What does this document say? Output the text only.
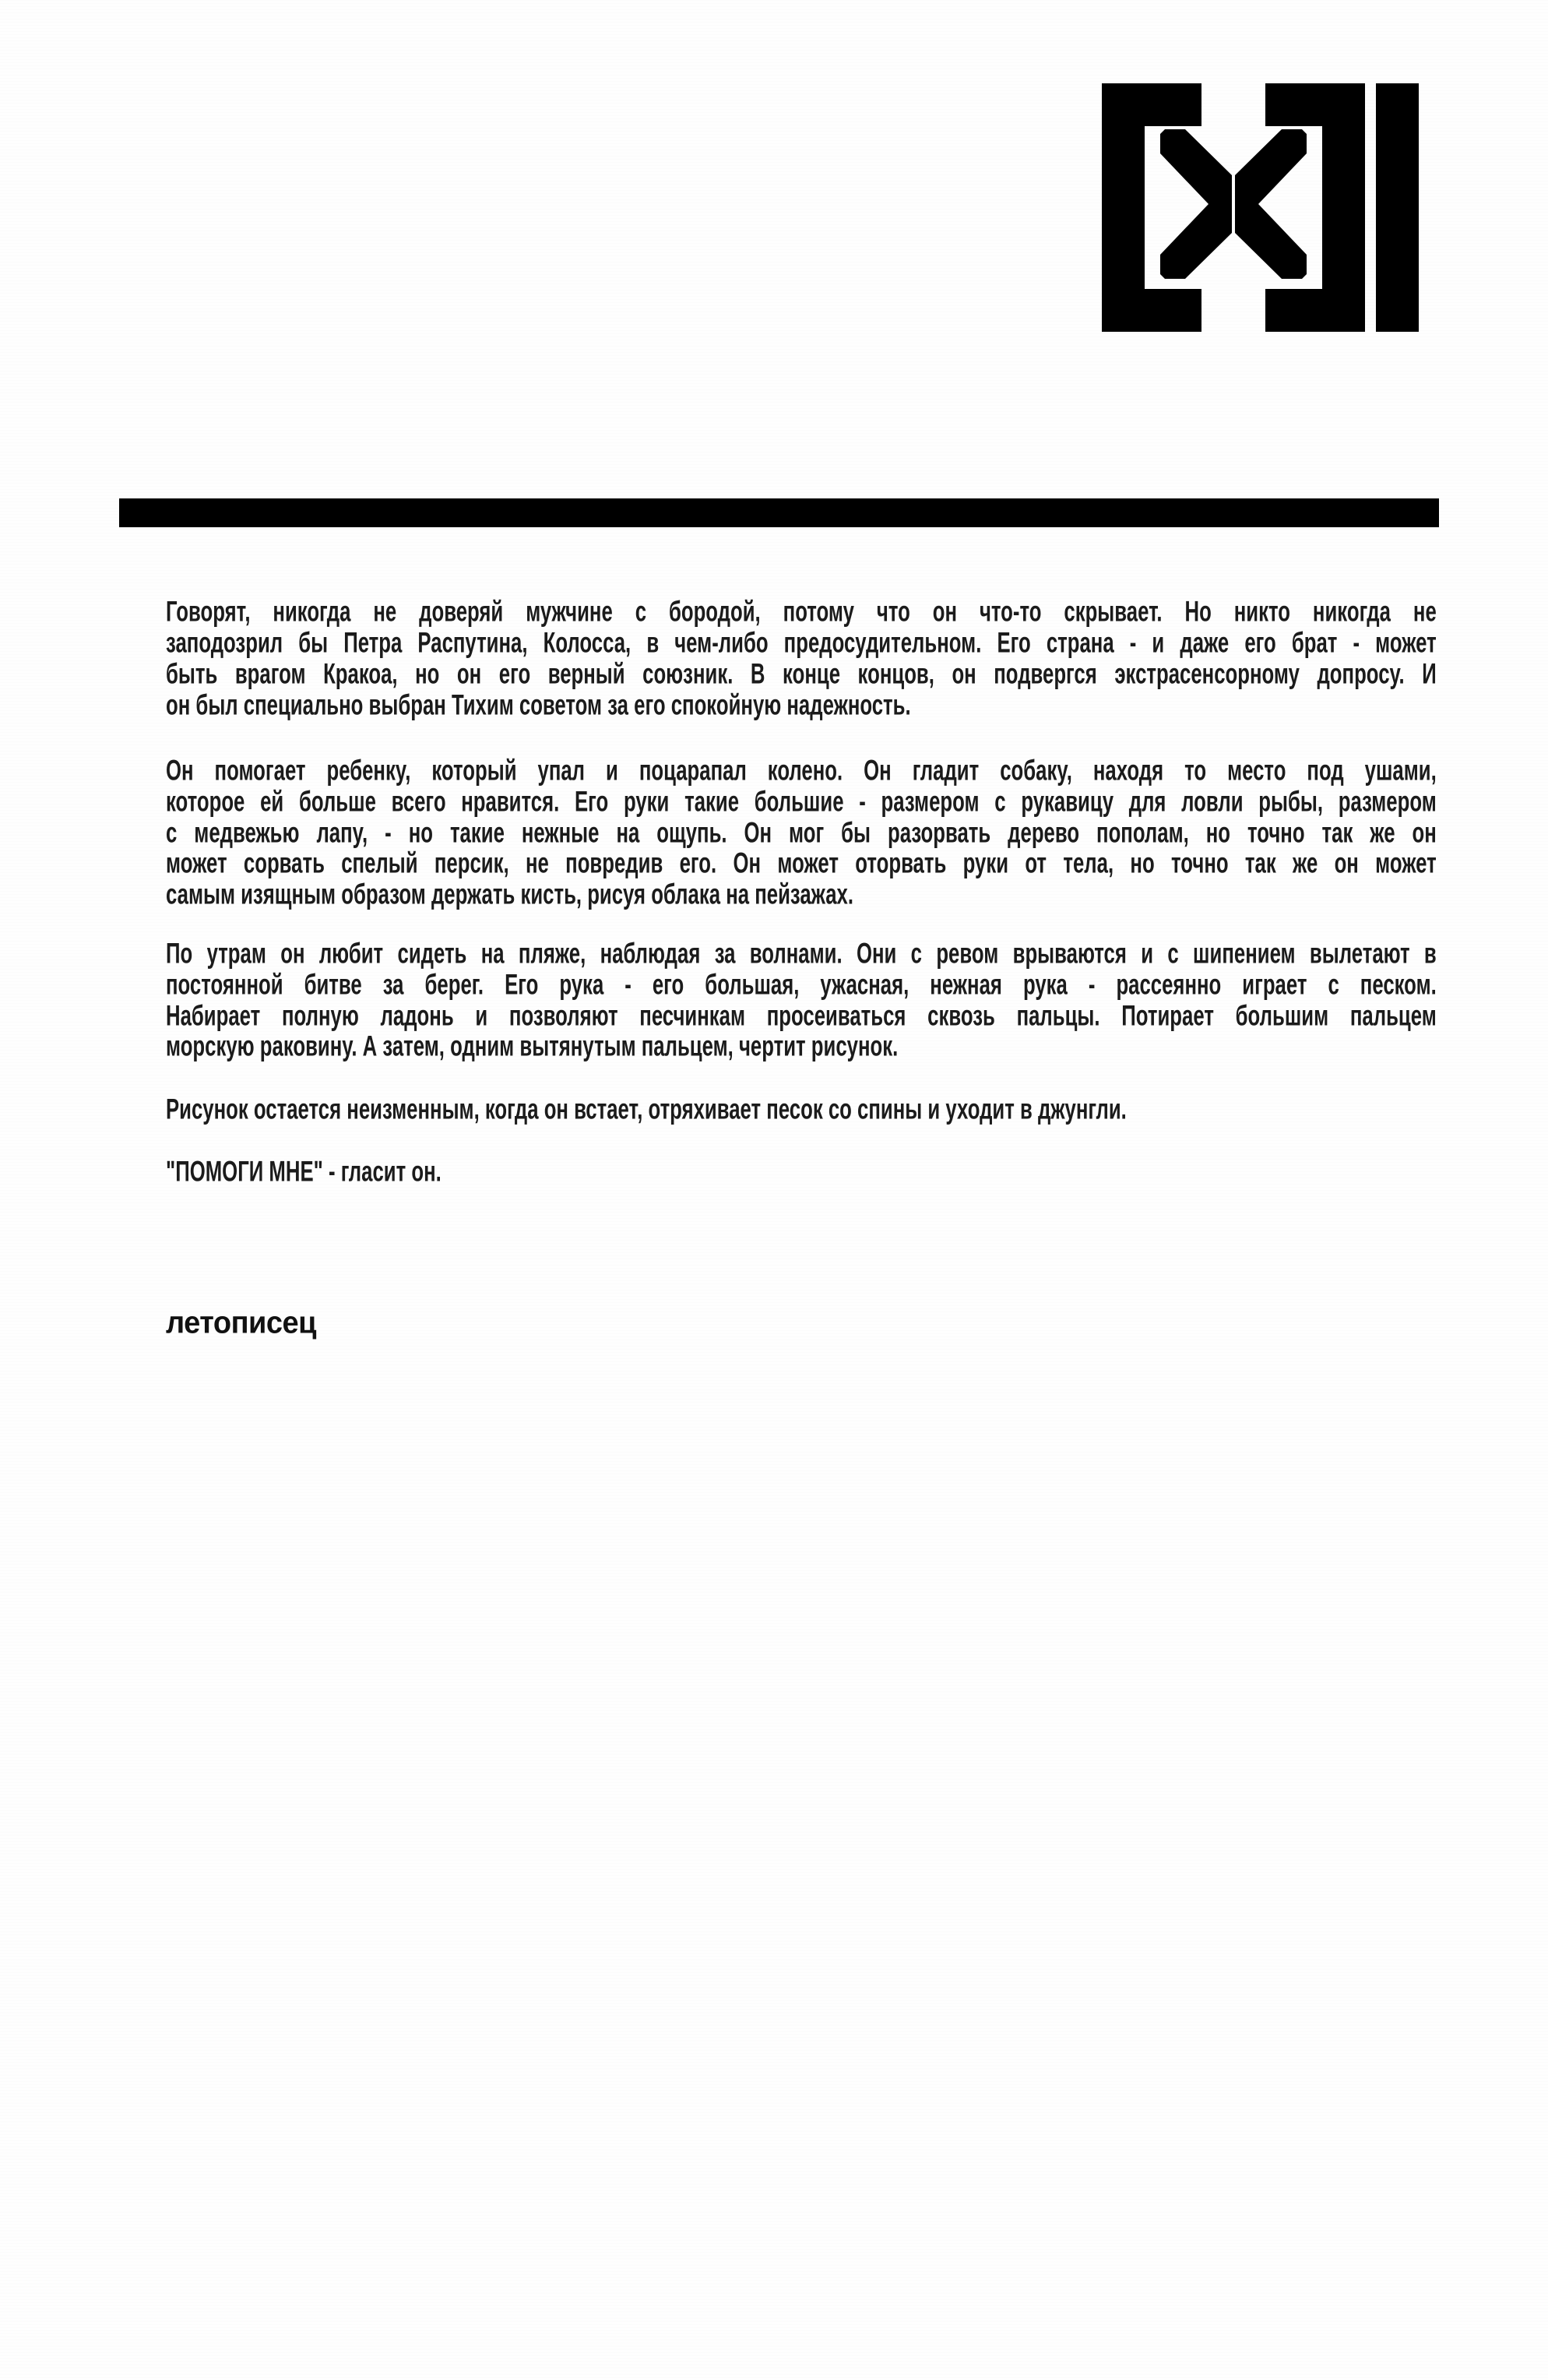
Говорят, никогда не доверяй мужчине с бородой, потому что он что-то скрывает. Но никто никогда не
заподозрил бы Петра Распутина, Колосса, в чем-либо предосудительном. Его страна - и даже его брат - может
быть врагом Кракоа, но он его верный союзник. В конце концов, он подвергся экстрасенсорному допросу. И
он был специально выбран Тихим советом за его спокойную надежность.
Он помогает ребенку, который упал и поцарапал колено. Он гладит собаку, находя то место под ушами,
которое ей больше всего нравится. Его руки такие большие - размером с рукавицу для ловли рыбы, размером
с медвежью лапу, - но такие нежные на ощупь. Он мог бы разорвать дерево пополам, но точно так же он
может сорвать спелый персик, не повредив его. Он может оторвать руки от тела, но точно так же он может
самым изящным образом держать кисть, рисуя облака на пейзажах.
По утрам он любит сидеть на пляже, наблюдая за волнами. Они с ревом врываются и с шипением вылетают в
постоянной битве за берег. Его рука - его большая, ужасная, нежная рука - рассеянно играет с песком.
Набирает полную ладонь и позволяют песчинкам просеиваться сквозь пальцы. Потирает большим пальцем
морскую раковину. А затем, одним вытянутым пальцем, чертит рисунок.
Рисунок остается неизменным, когда он встает, отряхивает песок со спины и уходит в джунгли.
"ПОМОГИ МНЕ" - гласит он.
летописец
